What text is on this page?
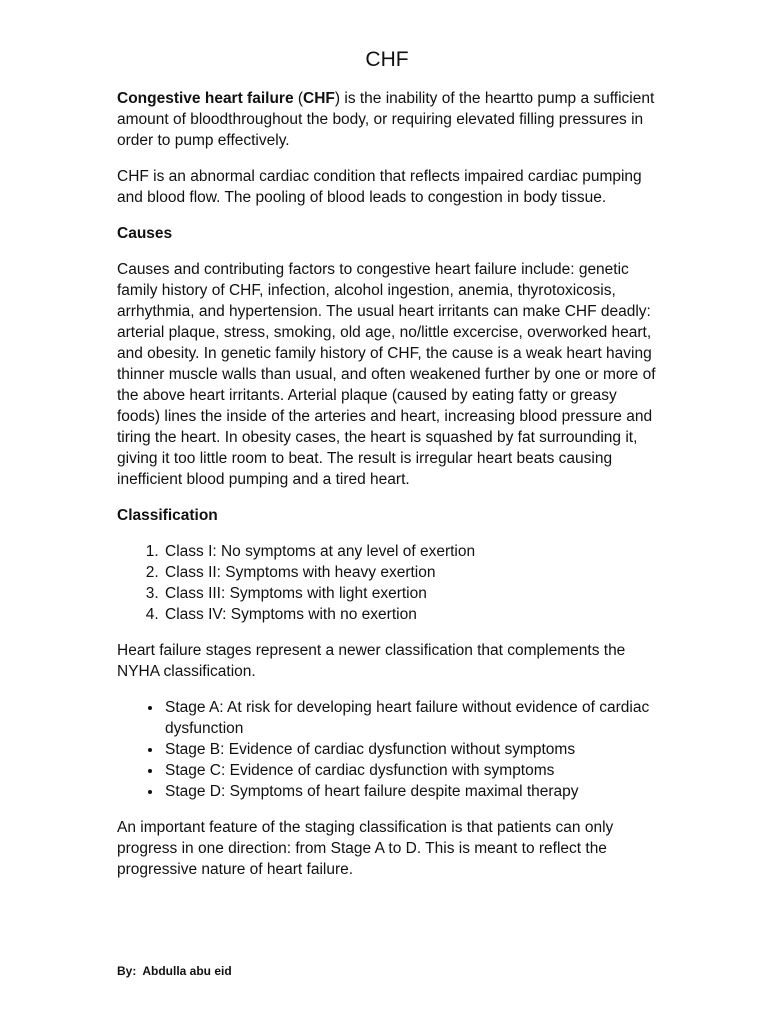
CHF

Congestive heart failure (CHF) is the inability of the heartto pump a sufficient amount of bloodthroughout the body, or requiring elevated filling pressures in order to pump effectively.

CHF is an abnormal cardiac condition that reflects impaired cardiac pumping and blood flow. The pooling of blood leads to congestion in body tissue.

Causes

Causes and contributing factors to congestive heart failure include: genetic family history of CHF, infection, alcohol ingestion, anemia, thyrotoxicosis, arrhythmia, and hypertension. The usual heart irritants can make CHF deadly: arterial plaque, stress, smoking, old age, no/little excercise, overworked heart, and obesity. In genetic family history of CHF, the cause is a weak heart having thinner muscle walls than usual, and often weakened further by one or more of the above heart irritants. Arterial plaque (caused by eating fatty or greasy foods) lines the inside of the arteries and heart, increasing blood pressure and tiring the heart. In obesity cases, the heart is squashed by fat surrounding it, giving it too little room to beat. The result is irregular heart beats causing inefficient blood pumping and a tired heart.

Classification
1. Class I: No symptoms at any level of exertion
2. Class II: Symptoms with heavy exertion
3. Class III: Symptoms with light exertion
4. Class IV: Symptoms with no exertion

Heart failure stages represent a newer classification that complements the NYHA classification.

• Stage A: At risk for developing heart failure without evidence of cardiac dysfunction
• Stage B: Evidence of cardiac dysfunction without symptoms
• Stage C: Evidence of cardiac dysfunction with symptoms
• Stage D: Symptoms of heart failure despite maximal therapy

An important feature of the staging classification is that patients can only progress in one direction: from Stage A to D. This is meant to reflect the progressive nature of heart failure.

By: Abdulla abu eid
